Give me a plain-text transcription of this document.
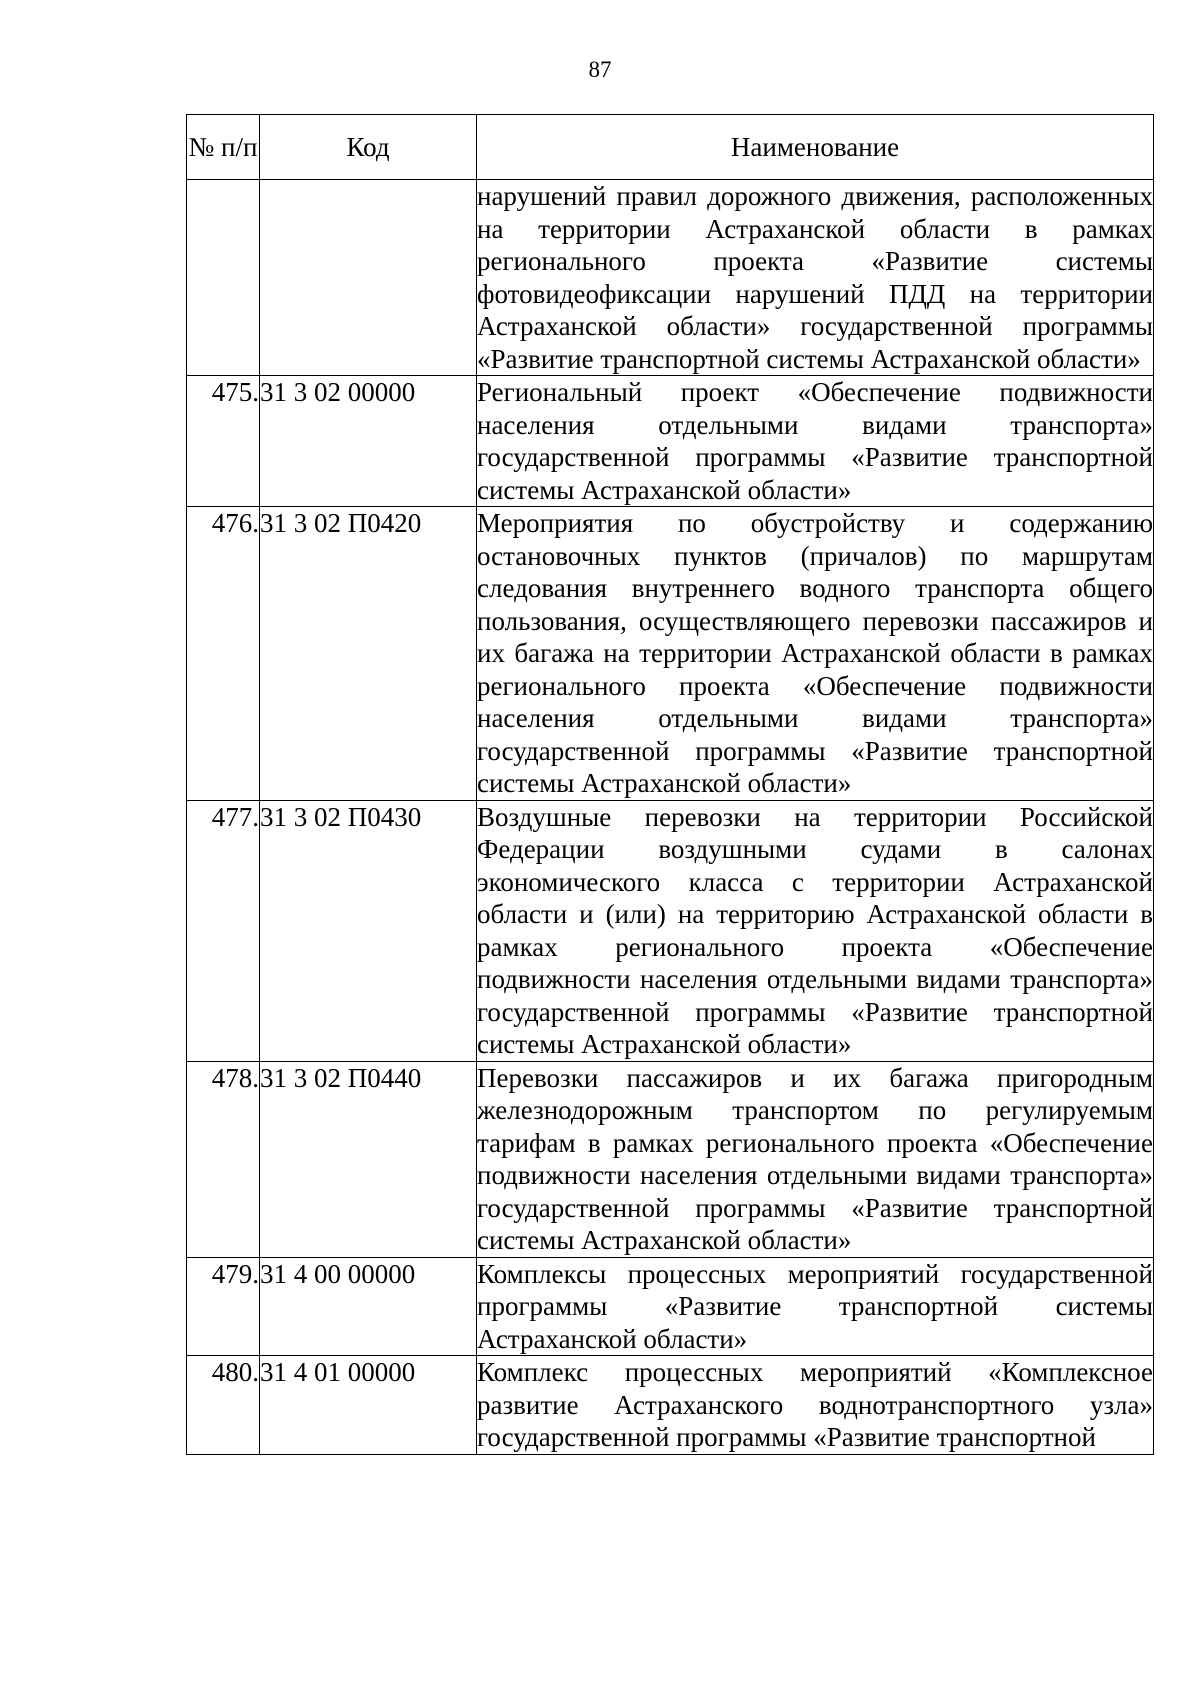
87
№ п/п	Код	Наименование
		нарушений правил дорожного движения, расположенных на территории Астраханской области в рамках регионального проекта «Развитие системы фотовидеофиксации нарушений ПДД на территории Астраханской области» государственной программы «Развитие транспортной системы Астраханской области»
475.	31 3 02 00000	Региональный проект «Обеспечение подвижности населения отдельными видами транспорта» государственной программы «Развитие транспортной системы Астраханской области»
476.	31 3 02 П0420	Мероприятия по обустройству и содержанию остановочных пунктов (причалов) по маршрутам следования внутреннего водного транспорта общего пользования, осуществляющего перевозки пассажиров и их багажа на территории Астраханской области в рамках регионального проекта «Обеспечение подвижности населения отдельными видами транспорта» государственной программы «Развитие транспортной системы Астраханской области»
477.	31 3 02 П0430	Воздушные перевозки на территории Российской Федерации воздушными судами в салонах экономического класса с территории Астраханской области и (или) на территорию Астраханской области в рамках регионального проекта «Обеспечение подвижности населения отдельными видами транспорта» государственной программы «Развитие транспортной системы Астраханской области»
478.	31 3 02 П0440	Перевозки пассажиров и их багажа пригородным железнодорожным транспортом по регулируемым тарифам в рамках регионального проекта «Обеспечение подвижности населения отдельными видами транспорта» государственной программы «Развитие транспортной системы Астраханской области»
479.	31 4 00 00000	Комплексы процессных мероприятий государственной программы «Развитие транспортной системы Астраханской области»
480.	31 4 01 00000	Комплекс процессных мероприятий «Комплексное развитие Астраханского воднотранспортного узла» государственной программы «Развитие транспортной
